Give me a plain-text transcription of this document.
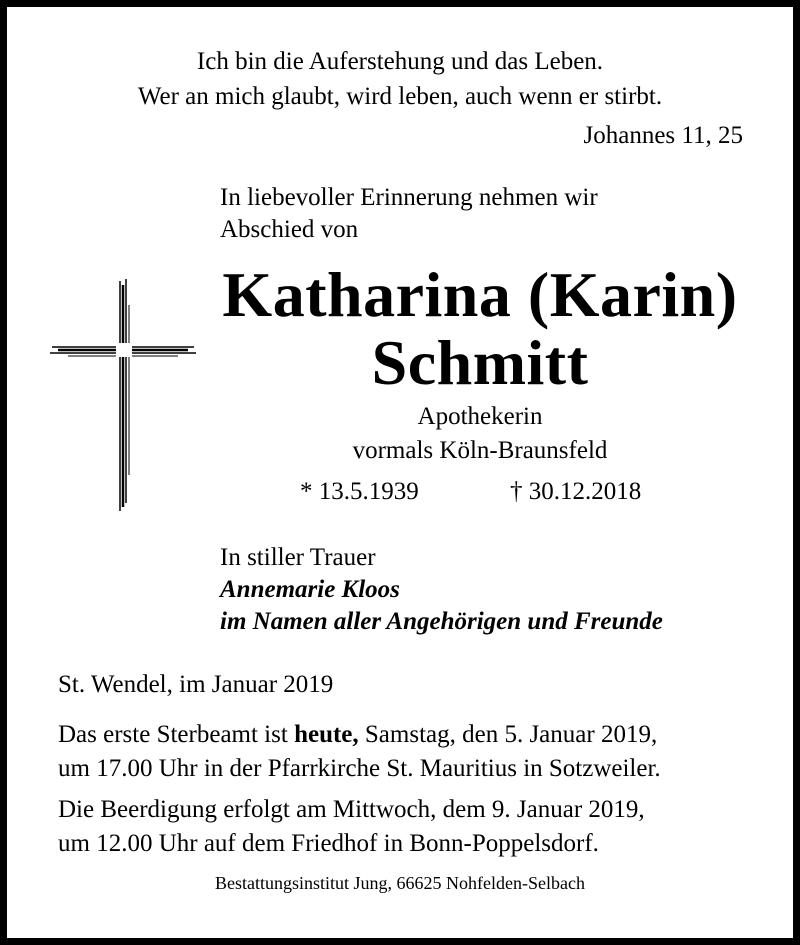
Ich bin die Auferstehung und das Leben.
Wer an mich glaubt, wird leben, auch wenn er stirbt.
Johannes 11, 25
In liebevoller Erinnerung nehmen wir
Abschied von
Katharina (Karin)
Schmitt
Apothekerin
vormals Köln-Braunsfeld
* 13.5.1939	† 30.12.2018
In stiller Trauer
Annemarie Kloos
im Namen aller Angehörigen und Freunde
St. Wendel, im Januar 2019
Das erste Sterbeamt ist heute, Samstag, den 5. Januar 2019,
um 17.00 Uhr in der Pfarrkirche St. Mauritius in Sotzweiler.
Die Beerdigung erfolgt am Mittwoch, dem 9. Januar 2019,
um 12.00 Uhr auf dem Friedhof in Bonn-Poppelsdorf.
Bestattungsinstitut Jung, 66625 Nohfelden-Selbach
